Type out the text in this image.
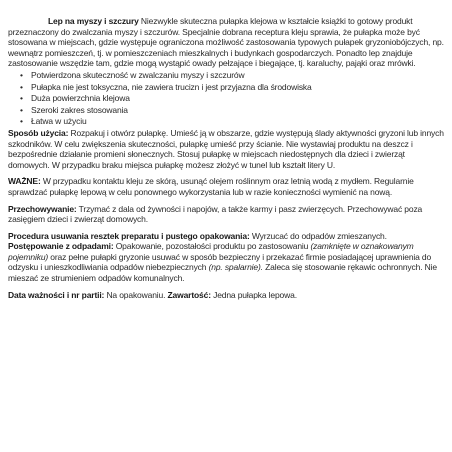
Lep na myszy i szczury Niezwykle skuteczna pułapka klejowa w kształcie książki to gotowy produkt przeznaczony do zwalczania myszy i szczurów. Specjalnie dobrana receptura kleju sprawia, że pułapka może być stosowana w miejscach, gdzie występuje ograniczona możliwość zastosowania typowych pułapek gryzoniobójczych, np. wewnątrz pomieszczeń, tj. w pomieszczeniach mieszkalnych i budynkach gospodarczych. Ponadto lep znajduje zastosowanie wszędzie tam, gdzie mogą wystąpić owady pełzające i biegające, tj. karaluchy, pająki oraz mrówki.

• Potwierdzona skuteczność w zwalczaniu myszy i szczurów
• Pułapka nie jest toksyczna, nie zawiera trucizn i jest przyjazna dla środowiska
• Duża powierzchnia klejowa
• Szeroki zakres stosowania
• Łatwa w użyciu

Sposób użycia: Rozpakuj i otwórz pułapkę. Umieść ją w obszarze, gdzie występują ślady aktywności gryzoni lub innych szkodników. W celu zwiększenia skuteczności, pułapkę umieść przy ścianie. Nie wystawiaj produktu na deszcz i bezpośrednie działanie promieni słonecznych. Stosuj pułapkę w miejscach niedostępnych dla dzieci i zwierząt domowych. W przypadku braku miejsca pułapkę możesz złożyć w tunel lub kształt litery U.

WAŻNE: W przypadku kontaktu kleju ze skórą, usunąć olejem roślinnym oraz letnią wodą z mydłem. Regularnie sprawdzać pułapkę lepową w celu ponownego wykorzystania lub w razie konieczności wymienić na nową.

Przechowywanie: Trzymać z dala od żywności i napojów, a także karmy i pasz zwierzęcych. Przechowywać poza zasięgiem dzieci i zwierząt domowych.

Procedura usuwania resztek preparatu i pustego opakowania: Wyrzucać do odpadów zmieszanych.

Postępowanie z odpadami: Opakowanie, pozostałości produktu po zastosowaniu (zamknięte w oznakowanym pojemniku) oraz pełne pułapki gryzonie usuwać w sposób bezpieczny i przekazać firmie posiadającej uprawnienia do odzysku i unieszkodliwiania odpadów niebezpiecznych (np. spalarnie). Zaleca się stosowanie rękawic ochronnych. Nie mieszać ze strumieniem odpadów komunalnych.

Data ważności i nr partii: Na opakowaniu. Zawartość: Jedna pułapka lepowa.
